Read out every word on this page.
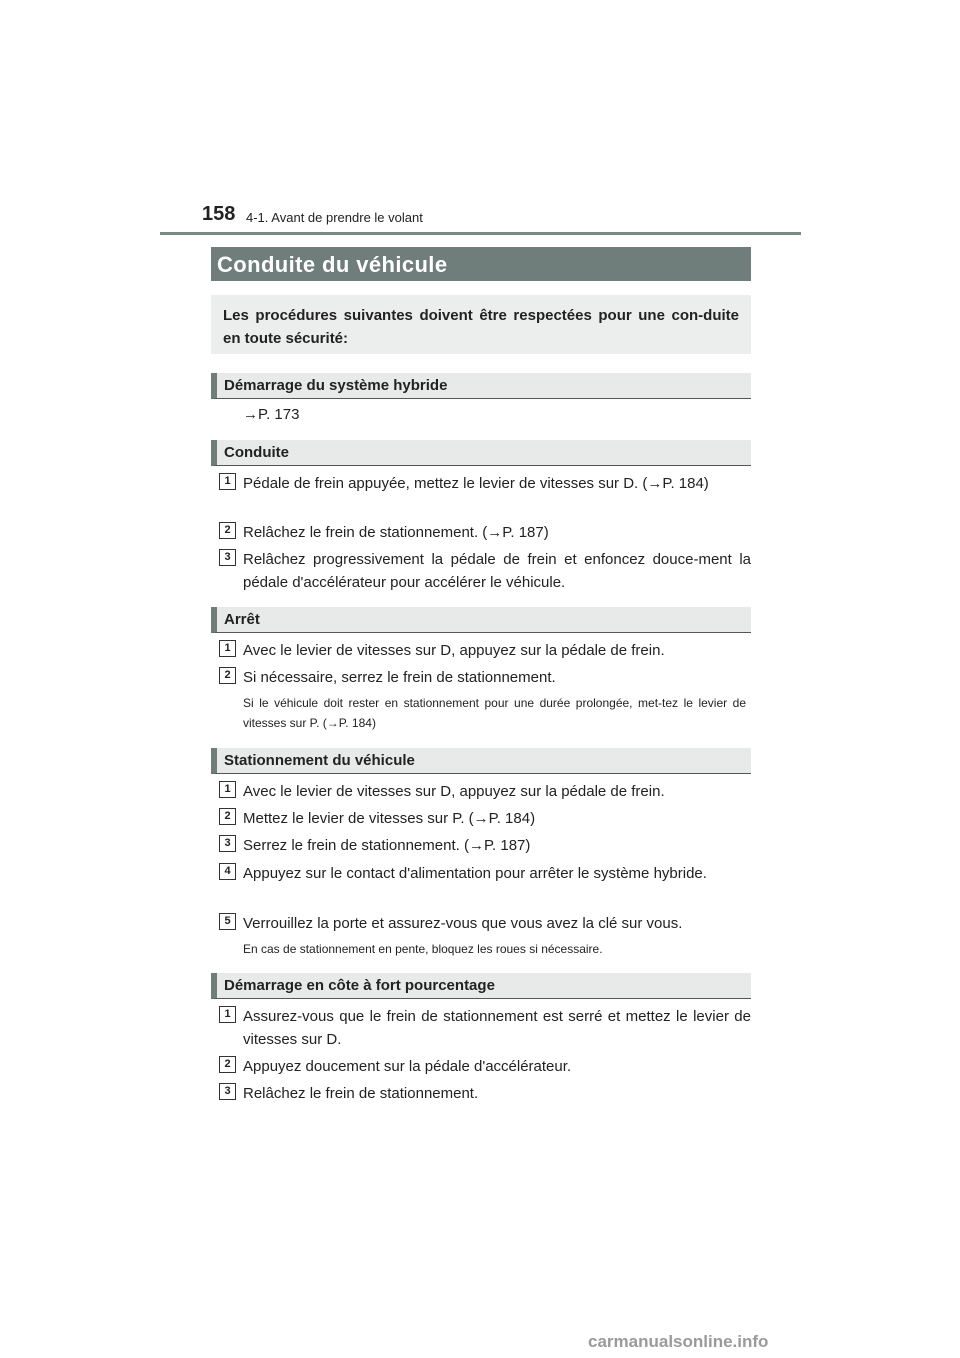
158 4-1. Avant de prendre le volant
Conduite du véhicule
Les procédures suivantes doivent être respectées pour une con-duite en toute sécurité:
Démarrage du système hybride
→P. 173
Conduite
1 Pédale de frein appuyée, mettez le levier de vitesses sur D. (→P. 184)
2 Relâchez le frein de stationnement. (→P. 187)
3 Relâchez progressivement la pédale de frein et enfoncez douce-ment la pédale d'accélérateur pour accélérer le véhicule.
Arrêt
1 Avec le levier de vitesses sur D, appuyez sur la pédale de frein.
2 Si nécessaire, serrez le frein de stationnement.
Si le véhicule doit rester en stationnement pour une durée prolongée, met-tez le levier de vitesses sur P. (→P. 184)
Stationnement du véhicule
1 Avec le levier de vitesses sur D, appuyez sur la pédale de frein.
2 Mettez le levier de vitesses sur P. (→P. 184)
3 Serrez le frein de stationnement. (→P. 187)
4 Appuyez sur le contact d'alimentation pour arrêter le système hybride.
5 Verrouillez la porte et assurez-vous que vous avez la clé sur vous.
En cas de stationnement en pente, bloquez les roues si nécessaire.
Démarrage en côte à fort pourcentage
1 Assurez-vous que le frein de stationnement est serré et mettez le levier de vitesses sur D.
2 Appuyez doucement sur la pédale d'accélérateur.
3 Relâchez le frein de stationnement.
carmanualsonline.info
